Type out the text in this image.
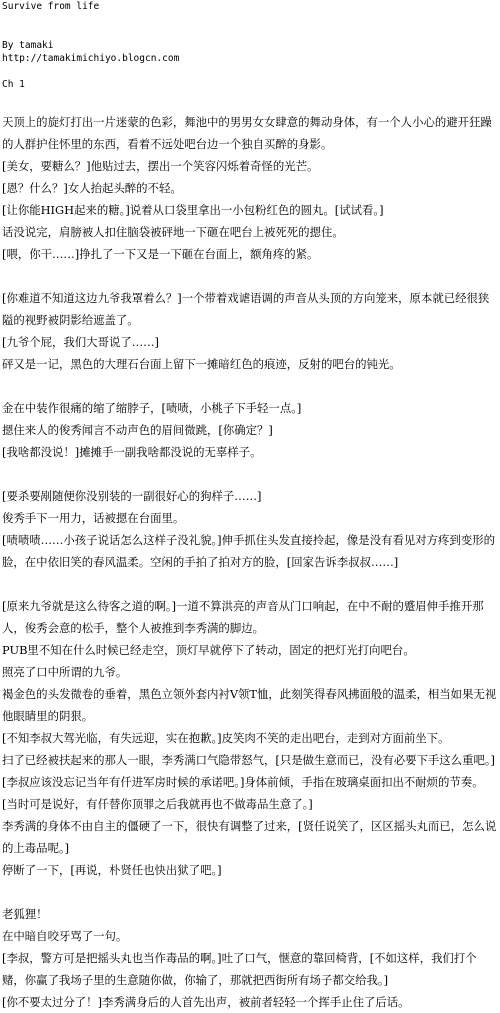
Survive from life
By tamaki
http://tamakimichiyo.blogcn.com
Ch 1

天顶上的旋灯打出一片迷蒙的色彩，舞池中的男男女女肆意的舞动身体，有一个人小心的避开狂躁的人群护住怀里的东西，看着不远处吧台边一个独自买醉的身影。

[美女，要糖么？]他贴过去，摆出一个笑容闪烁着奇怪的光芒。

[恩？什么？]女人抬起头醉的不轻。

[让你能HIGH起来的糖。]说着从口袋里拿出一小包粉红色的圆丸。[试试看。]

话没说完，肩膀被人扣住脑袋被砰地一下砸在吧台上被死死的摁住。

[喂，你干……]挣扎了一下又是一下砸在台面上，额角疼的紧。

[你难道不知道这边九爷我罩着么？]一个带着戏谑语调的声音从头顶的方向笼来，原本就已经很狭隘的视野被阴影给遮盖了。

[九爷个屁，我们大哥说了……]

砰又是一记，黑色的大理石台面上留下一摊暗红色的痕迹，反射的吧台的钝光。

金在中装作很痛的缩了缩脖子，[啧啧，小桃子下手轻一点。]

摁住来人的俊秀闻言不动声色的眉间微跳，[你确定？]

[我啥都没说！]摊摊手一副我啥都没说的无辜样子。

[要杀要剐随便你没别装的一副很好心的狗样子……]

俊秀手下一用力，话被摁在台面里。

[啧啧啧……小孩子说话怎么这样子没礼貌。]伸手抓住头发直接拎起，像是没有看见对方疼到变形的脸，在中依旧笑的春风温柔。空闲的手拍了拍对方的脸，[回家告诉李叔叔……]

[原来九爷就是这么待客之道的啊。]一道不算洪亮的声音从门口响起，在中不耐的蹙眉伸手推开那人，俊秀会意的松手，整个人被推到李秀满的脚边。

PUB里不知在什么时候已经走空，顶灯早就停下了转动，固定的把灯光打向吧台。

照亮了口中所谓的九爷。

褐金色的头发微卷的垂着，黑色立领外套内衬V领T恤，此刻笑得春风拂面般的温柔，相当如果无视他眼睛里的阴狠。

[不知李叔大驾光临，有失远迎，实在抱歉。]皮笑肉不笑的走出吧台，走到对方面前坐下。

扫了已经被扶起来的那人一眼，李秀满口气隐带怒气，[只是做生意而已，没有必要下手这么重吧。]

[李叔应该没忘记当年有仟进军房时候的承诺吧。]身体前倾，手指在玻璃桌面扣出不耐烦的节奏。[当时可是说好，有仟替你顶罪之后我就再也不做毒品生意了。]

李秀满的身体不由自主的僵硬了一下，很快有调整了过来，[贤任说笑了，区区摇头丸而已，怎么说的上毒品呢。]

停断了一下，[再说，朴贤任也快出狱了吧。]

老狐狸！

在中暗自咬牙骂了一句。

[李叔，警方可是把摇头丸也当作毒品的啊。]吐了口气，惬意的靠回椅背，[不如这样，我们打个赌，你赢了我场子里的生意随你做，你输了，那就把西街所有场子都交给我。]

[你不要太过分了！]李秀满身后的人首先出声，被前者轻轻一个挥手止住了后话。
